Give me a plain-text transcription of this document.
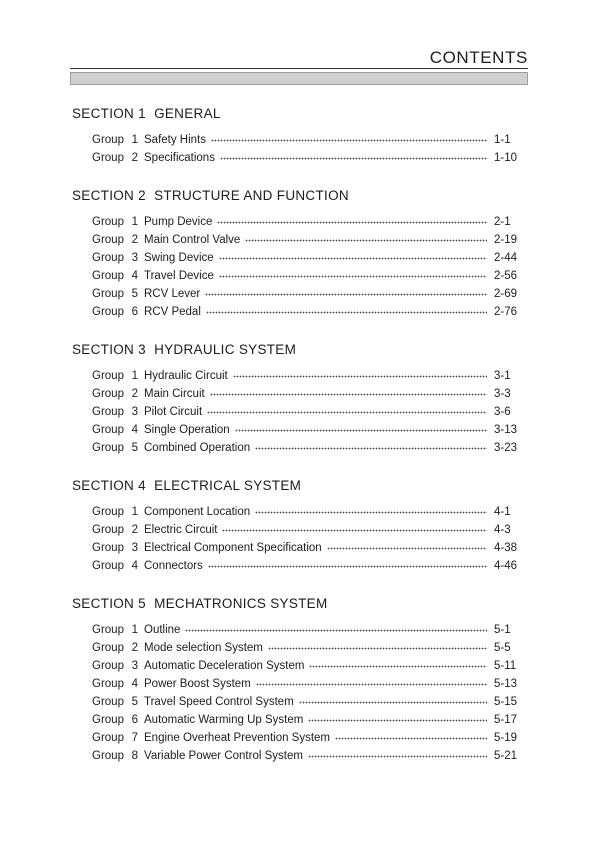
CONTENTS
SECTION 1  GENERAL
Group 1 Safety Hints	1-1
Group 2 Specifications	1-10
SECTION 2  STRUCTURE AND FUNCTION
Group 1 Pump Device	2-1
Group 2 Main Control Valve	2-19
Group 3 Swing Device	2-44
Group 4 Travel Device	2-56
Group 5 RCV Lever	2-69
Group 6 RCV Pedal	2-76
SECTION 3  HYDRAULIC SYSTEM
Group 1 Hydraulic Circuit	3-1
Group 2 Main Circuit	3-3
Group 3 Pilot Circuit	3-6
Group 4 Single Operation	3-13
Group 5 Combined Operation	3-23
SECTION 4  ELECTRICAL SYSTEM
Group 1 Component Location	4-1
Group 2 Electric Circuit	4-3
Group 3 Electrical Component Specification	4-38
Group 4 Connectors	4-46
SECTION 5  MECHATRONICS SYSTEM
Group 1 Outline	5-1
Group 2 Mode selection System	5-5
Group 3 Automatic Deceleration System	5-11
Group 4 Power Boost System	5-13
Group 5 Travel Speed Control System	5-15
Group 6 Automatic Warming Up System	5-17
Group 7 Engine Overheat Prevention System	5-19
Group 8 Variable Power Control System	5-21
